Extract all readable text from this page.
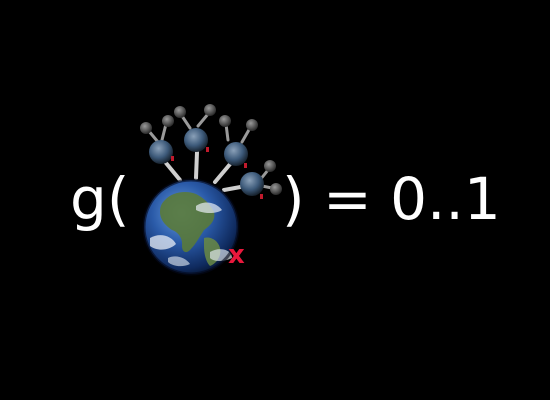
g(	) = 0..1
x
